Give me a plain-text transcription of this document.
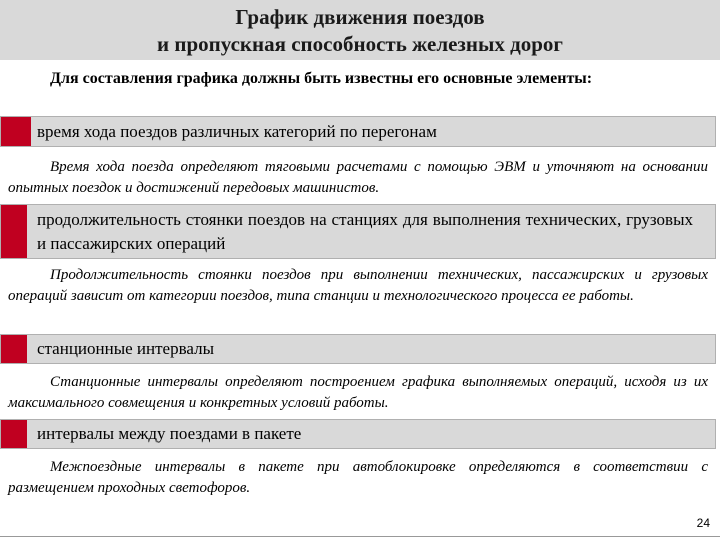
График движения поездов
и пропускная способность железных дорог
Для составления графика должны быть известны его основные элементы:
время хода поездов различных категорий по перегонам
Время хода поезда определяют тяговыми расчетами с помощью ЭВМ и уточняют на основании опытных поездок и достижений передовых машинистов.
продолжительность стоянки поездов на станциях для выполнения технических, грузовых и пассажирских операций
Продолжительность стоянки поездов при выполнении технических, пассажирских и грузовых операций зависит от категории поездов, типа станции и технологического процесса ее работы.
станционные интервалы
Станционные интервалы определяют построением графика выполняемых операций, исходя из их максимального совмещения и конкретных условий работы.
интервалы между поездами в пакете
Межпоездные интервалы в пакете при автоблокировке определяются в соответствии с размещением проходных светофоров.
24
